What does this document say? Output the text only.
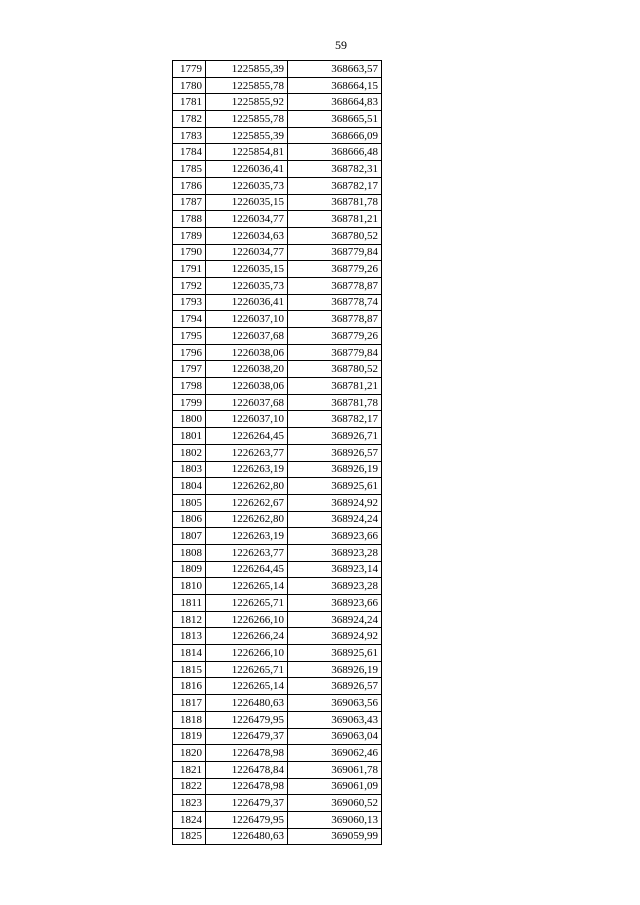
59
1779	1225855,39	368663,57
1780	1225855,78	368664,15
1781	1225855,92	368664,83
1782	1225855,78	368665,51
1783	1225855,39	368666,09
1784	1225854,81	368666,48
1785	1226036,41	368782,31
1786	1226035,73	368782,17
1787	1226035,15	368781,78
1788	1226034,77	368781,21
1789	1226034,63	368780,52
1790	1226034,77	368779,84
1791	1226035,15	368779,26
1792	1226035,73	368778,87
1793	1226036,41	368778,74
1794	1226037,10	368778,87
1795	1226037,68	368779,26
1796	1226038,06	368779,84
1797	1226038,20	368780,52
1798	1226038,06	368781,21
1799	1226037,68	368781,78
1800	1226037,10	368782,17
1801	1226264,45	368926,71
1802	1226263,77	368926,57
1803	1226263,19	368926,19
1804	1226262,80	368925,61
1805	1226262,67	368924,92
1806	1226262,80	368924,24
1807	1226263,19	368923,66
1808	1226263,77	368923,28
1809	1226264,45	368923,14
1810	1226265,14	368923,28
1811	1226265,71	368923,66
1812	1226266,10	368924,24
1813	1226266,24	368924,92
1814	1226266,10	368925,61
1815	1226265,71	368926,19
1816	1226265,14	368926,57
1817	1226480,63	369063,56
1818	1226479,95	369063,43
1819	1226479,37	369063,04
1820	1226478,98	369062,46
1821	1226478,84	369061,78
1822	1226478,98	369061,09
1823	1226479,37	369060,52
1824	1226479,95	369060,13
1825	1226480,63	369059,99
